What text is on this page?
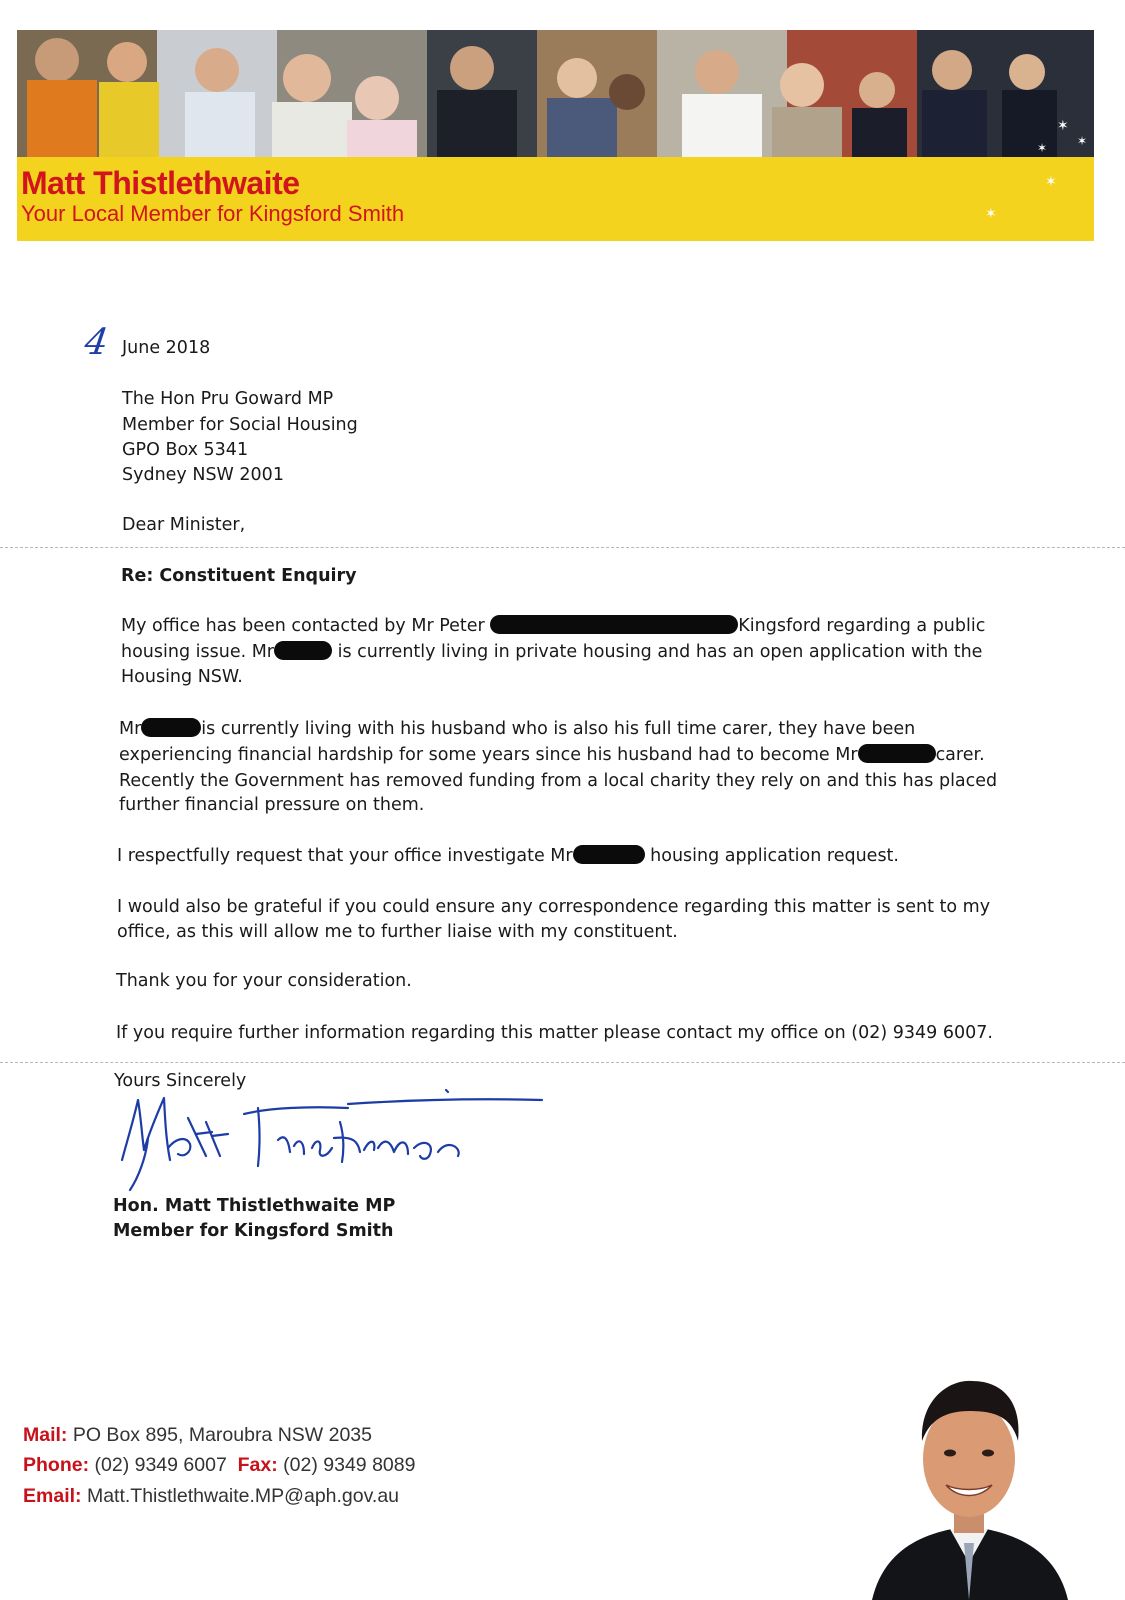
✶
✶
✶
Matt Thistlethwaite
Your Local Member for Kingsford Smith
✶
✶
4 June 2018
The Hon Pru Goward MP
Member for Social Housing
GPO Box 5341
Sydney NSW 2001
Dear Minister,
Re: Constituent Enquiry
My office has been contacted by Mr Peter	Kingsford regarding a public
housing issue. Mr	is currently living in private housing and has an open application with the
Housing NSW.
Mr	is currently living with his husband who is also his full time carer, they have been
experiencing financial hardship for some years since his husband had to become Mr	carer.
Recently the Government has removed funding from a local charity they rely on and this has placed
further financial pressure on them.
I respectfully request that your office investigate Mr	housing application request.
I would also be grateful if you could ensure any correspondence regarding this matter is sent to my
office, as this will allow me to further liaise with my constituent.
Thank you for your consideration.
If you require further information regarding this matter please contact my office on (02) 9349 6007.
Yours Sincerely
Hon. Matt Thistlethwaite MP
Member for Kingsford Smith
Mail: PO Box 895, Maroubra NSW 2035
Phone: (02) 9349 6007 Fax: (02) 9349 8089
Email: Matt.Thistlethwaite.MP@aph.gov.au
